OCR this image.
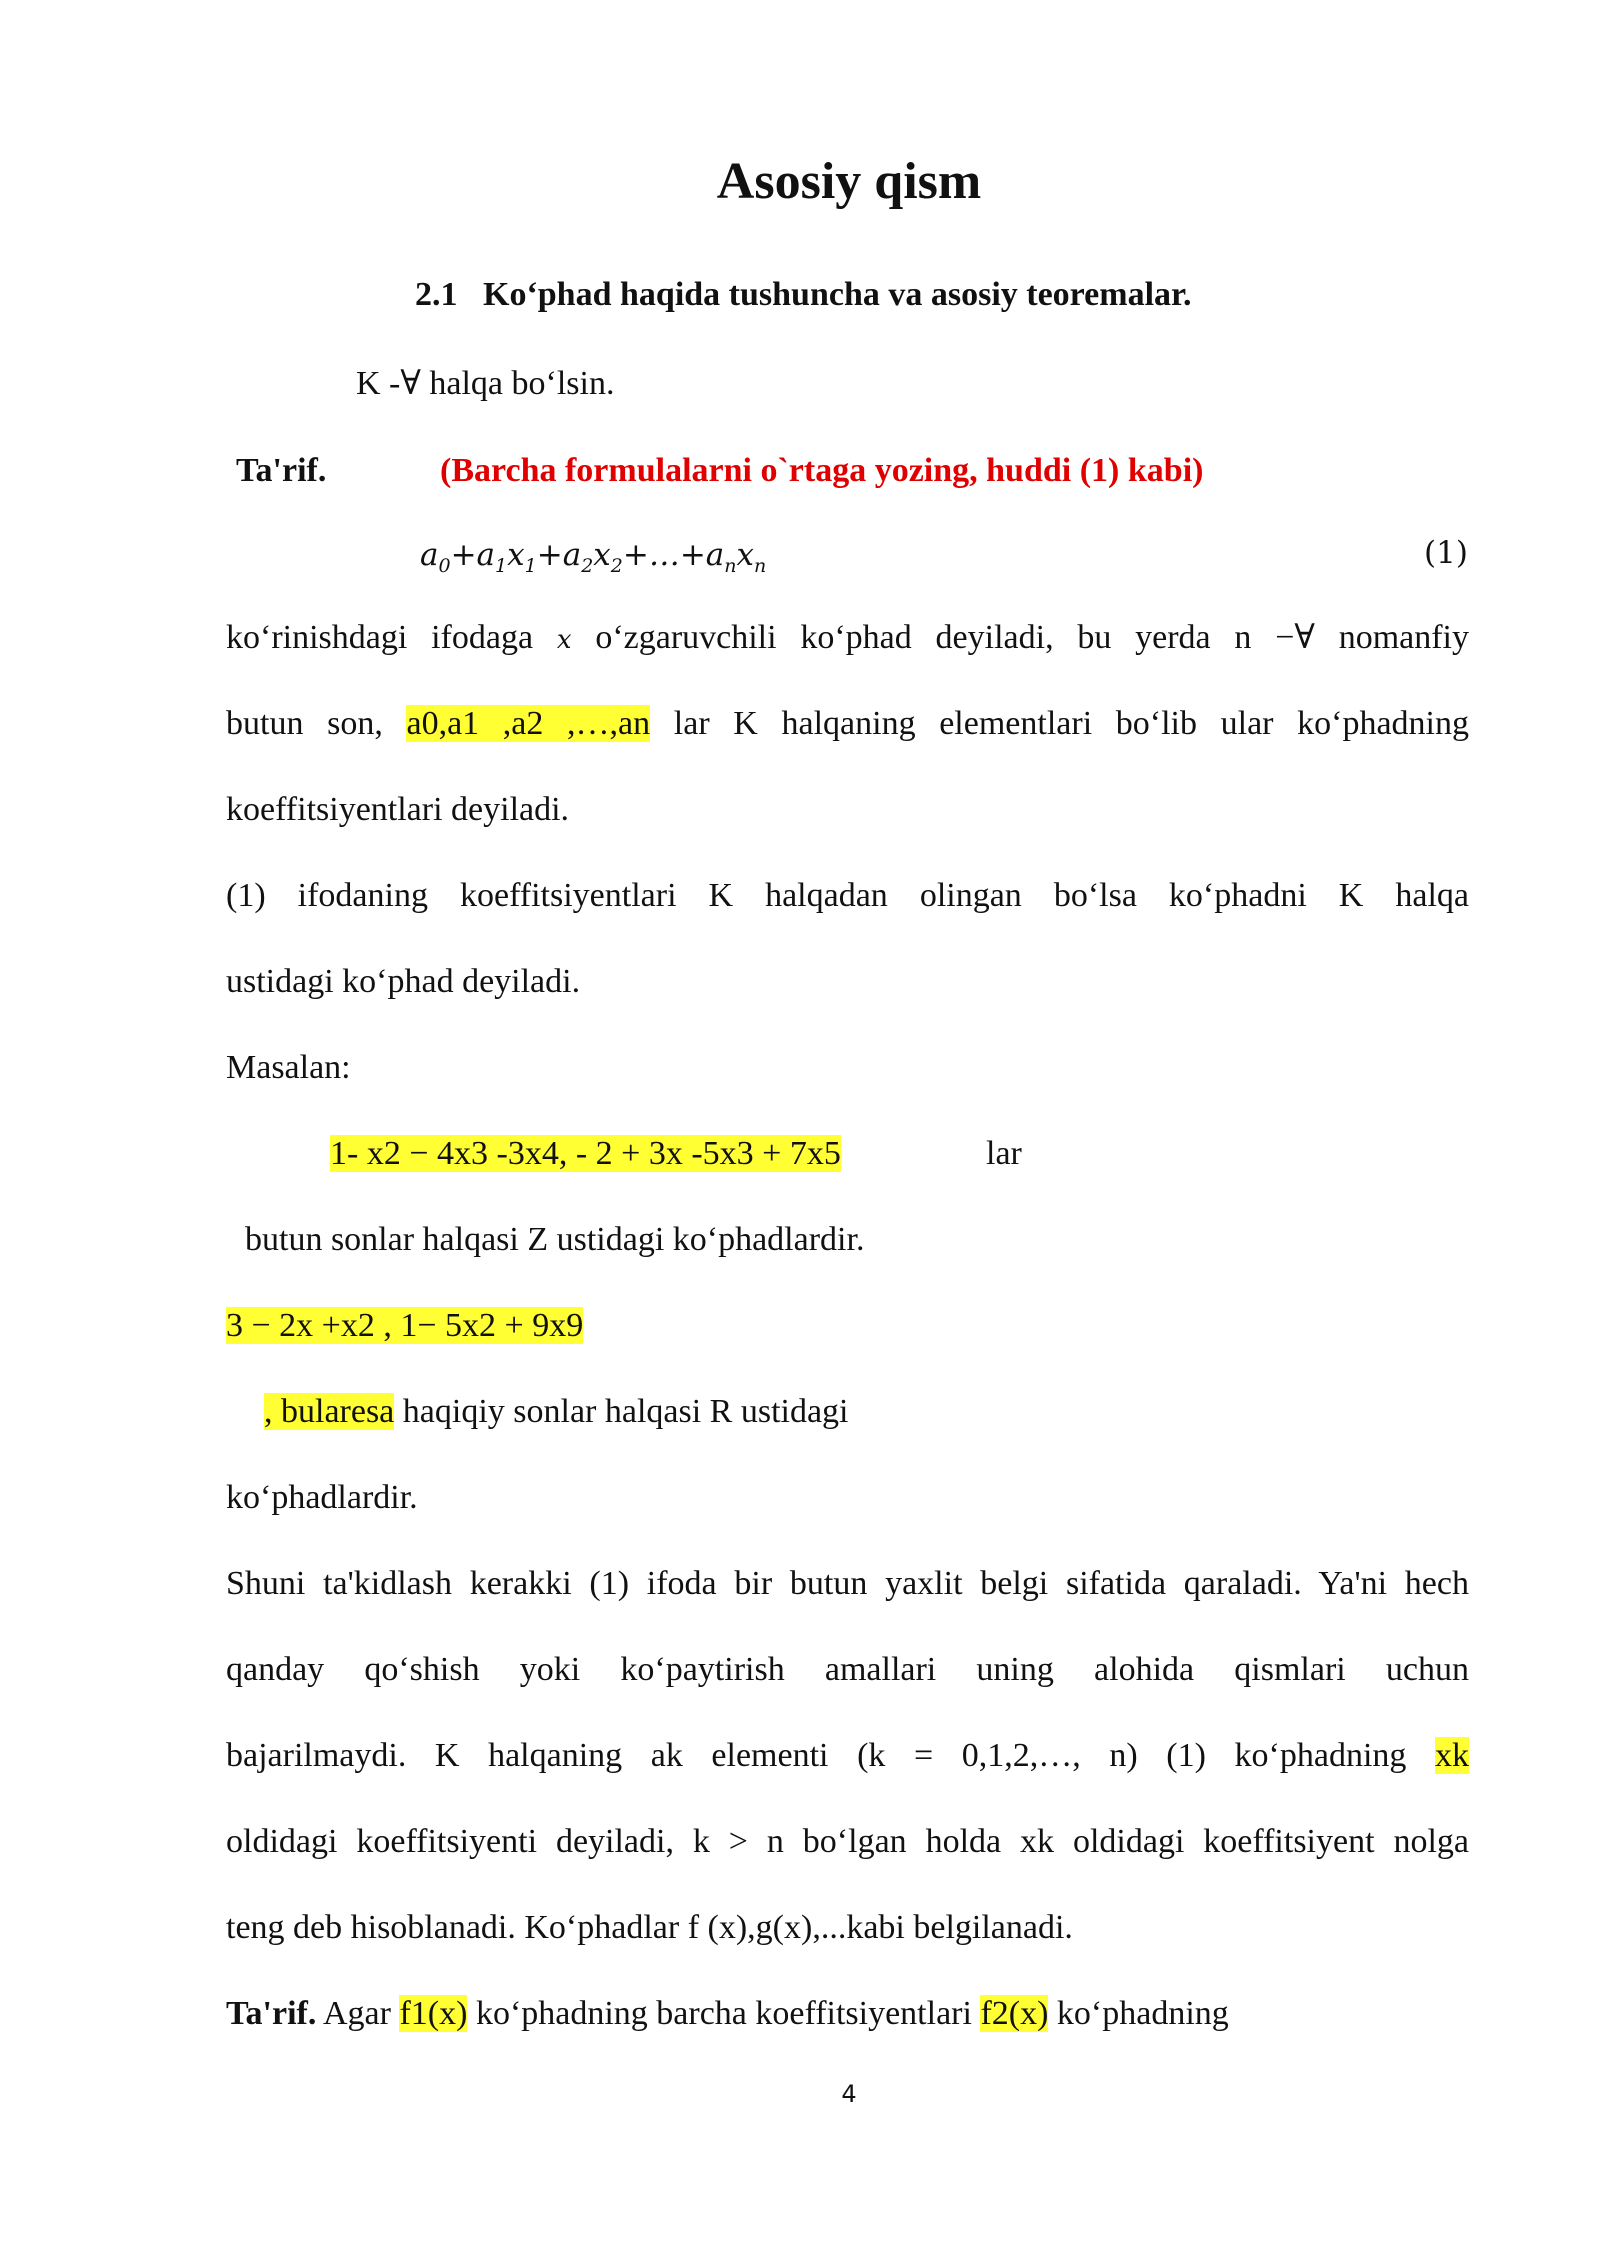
Asosiy qism
2.1 Ko‘phad haqida tushuncha va asosiy teoremalar.
K -∀ halqa bo‘lsin.
Ta'rif.	(Barcha formulalarni o`rtaga yozing, huddi (1) kabi)
$a_0+a_1x_1+a_2x_2+\dots+a_nx_n$	(1)
ko‘rinishdagi ifodaga x o‘zgaruvchili ko‘phad deyiladi, bu yerda n −∀ nomanfiy
butun son, a0,a1 ,a2 ,…,an lar K halqaning elementlari bo‘lib ular ko‘phadning
koeffitsiyentlari deyiladi.
(1) ifodaning koeffitsiyentlari K halqadan olingan bo‘lsa ko‘phadni K halqa
ustidagi ko‘phad deyiladi.
Masalan:
1- x2 − 4x3 -3x4, - 2 + 3x -5x3 + 7x5	lar
butun sonlar halqasi Z ustidagi ko‘phadlardir.
3 − 2x +x2 , 1− 5x2 + 9x9
, bularesa haqiqiy sonlar halqasi R ustidagi
ko‘phadlardir.
Shuni ta'kidlash kerakki (1) ifoda bir butun yaxlit belgi sifatida qaraladi. Ya'ni hech
qanday qo‘shish yoki ko‘paytirish amallari uning alohida qismlari uchun
bajarilmaydi. K halqaning ak elementi (k = 0,1,2,…, n) (1) ko‘phadning xk
oldidagi koeffitsiyenti deyiladi, k > n bo‘lgan holda xk oldidagi koeffitsiyent nolga
teng deb hisoblanadi. Ko‘phadlar f (x),g(x),...kabi belgilanadi.
Ta'rif. Agar f1(x) ko‘phadning barcha koeffitsiyentlari f2(x) ko‘phadning
4
